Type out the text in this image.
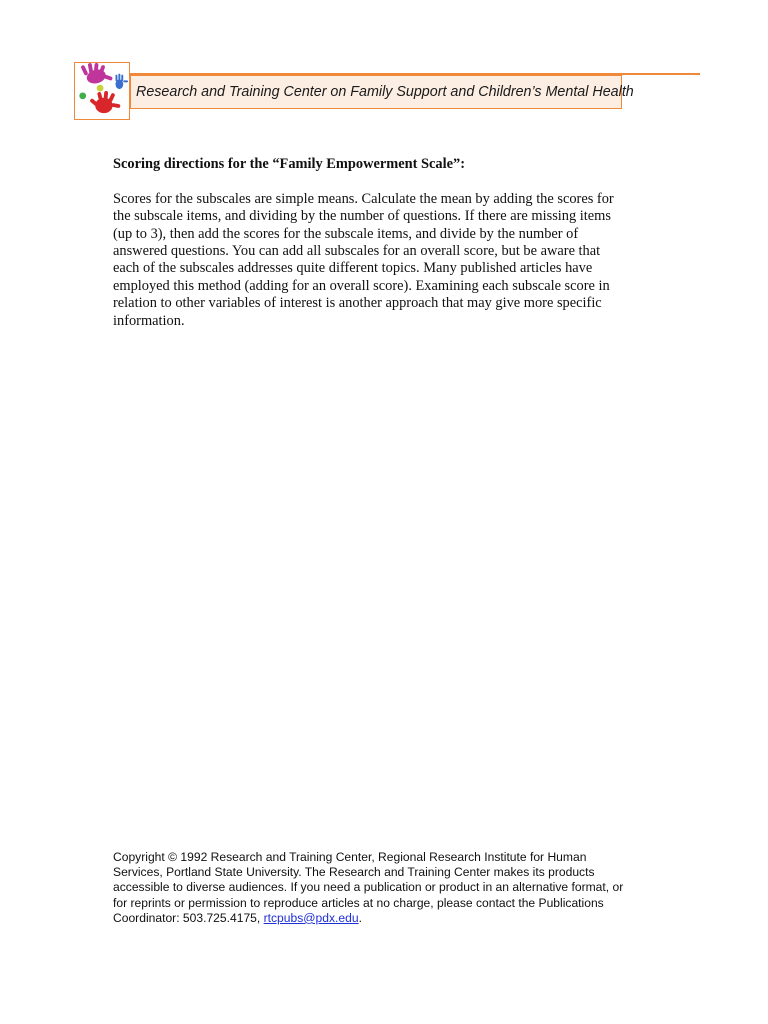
Research and Training Center on Family Support and Children’s Mental Health

Scoring directions for the “Family Empowerment Scale”:

Scores for the subscales are simple means. Calculate the mean by adding the scores for
the subscale items, and dividing by the number of questions. If there are missing items
(up to 3), then add the scores for the subscale items, and divide by the number of
answered questions. You can add all subscales for an overall score, but be aware that
each of the subscales addresses quite different topics. Many published articles have
employed this method (adding for an overall score). Examining each subscale score in
relation to other variables of interest is another approach that may give more specific
information.

Copyright © 1992 Research and Training Center, Regional Research Institute for Human
Services, Portland State University. The Research and Training Center makes its products
accessible to diverse audiences. If you need a publication or product in an alternative format, or
for reprints or permission to reproduce articles at no charge, please contact the Publications
Coordinator: 503.725.4175, rtcpubs@pdx.edu.
